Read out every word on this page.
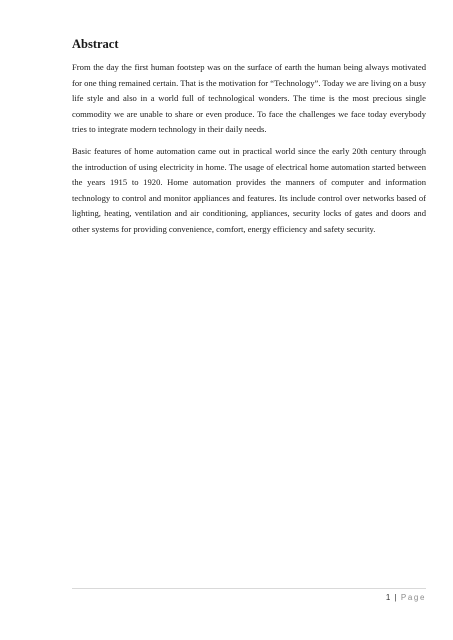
Abstract

From the day the first human footstep was on the surface of earth the human being always motivated for one thing remained certain. That is the motivation for “Technology”. Today we are living on a busy life style and also in a world full of technological wonders. The time is the most precious single commodity we are unable to share or even produce. To face the challenges we face today everybody tries to integrate modern technology in their daily needs.

Basic features of home automation came out in practical world since the early 20th century through the introduction of using electricity in home. The usage of electrical home automation started between the years 1915 to 1920. Home automation provides the manners of computer and information technology to control and monitor appliances and features. Its include control over networks based of lighting, heating, ventilation and air conditioning, appliances, security locks of gates and doors and other systems for providing convenience, comfort, energy efficiency and safety security.

1 | Page
